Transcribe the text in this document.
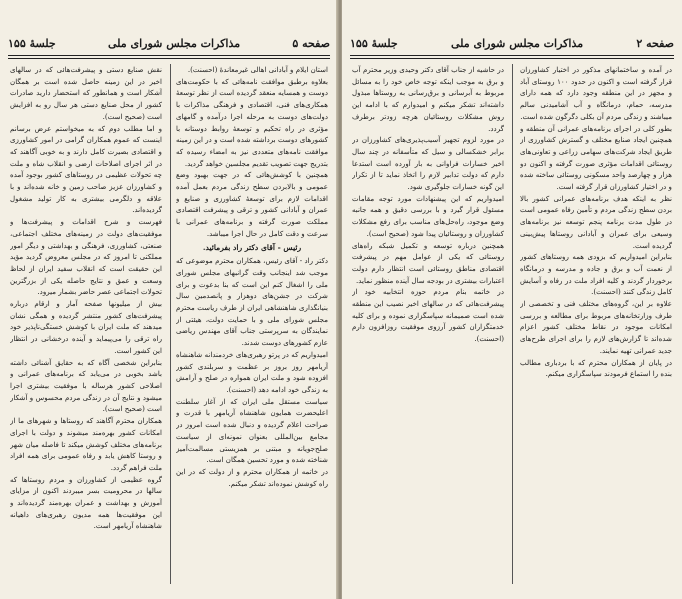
صفحه ۵
مذاکرات مجلس شورای ملی
جلسهٔ ۱۵۵

استان ایلام و آبادانی اهالی غیرمعاندهٔ (احسنت).

بعلاوه برطبق موافقت نامه‌هائی که با حکومت‌های دوست و همسایه منعقد گردیده است از نظر توسعهٔ همکاری‌های فنی، اقتصادی و فرهنگی مذاکرات با دولت‌های دوست به مرحله اجرا درآمده و گامهای مؤثری در راه تحکیم و توسعهٔ روابط دوستانه با کشورهای دوست برداشته شده است و در این زمینه موافقت نامه‌های متعددی نیز به امضاء رسیده که بتدریج جهت تصویب تقدیم مجلسین خواهد گردید.

همچنین با کوشش‌هائی که در جهت بهبود وضع عمومی و بالابردن سطح زندگی مردم بعمل آمده اقدامات لازم برای توسعهٔ کشاورزی و صنایع و عمران و آبادانی کشور و ترقی و پیشرفت اقتصادی مملکت صورت گرفته و برنامه‌های عمرانی با سرعت و دقت کامل در حال اجرا میباشد.

رئیس - آقای دکتر راد بفرمائید.

دکتر راد - آقای رئیس، همکاران محترم موضوعی که موجب شد اینجانب وقت گرانبهای مجلس شورای ملی را اشغال کنم این است که بنا بدعوت و برای شرکت در جشن‌های دوهزار و پانصدمین سال بنیانگذاری شاهنشاهی ایران از طرف ریاست محترم مجلس شورای ملی و با حمایت دولت، هیئتی از نمایندگان به سرپرستی جناب آقای مهندس ریاضی عازم کشورهای دوست شدند.

امیدواریم که در پرتو رهبری‌های خردمندانه شاهنشاه آریامهر روز بروز بر عظمت و سربلندی کشور افزوده شود و ملت ایران همواره در صلح و آرامش به زندگی خود ادامه دهد (احسنت).

سیاست مستقل ملی ایران که از آغاز سلطنت اعلیحضرت همایون شاهنشاه آریامهر با قدرت و صراحت اعلام گردیده و دنبال شده است امروز در مجامع بین‌المللی بعنوان نمونه‌ای از سیاست صلح‌جویانه و مبتنی بر همزیستی مسالمت‌آمیز شناخته شده و مورد تحسین همگان است.

در خاتمه از همکاران محترم و از دولت که در این راه کوشش نموده‌اند تشکر میکنم.

نقش صنایع دستی و پیشرفت‌هائی که در سالهای اخیر در این زمینه حاصل شده است بر همگان آشکار است و همانطور که استحضار دارید صادرات کشور از محل صنایع دستی هر سال رو به افزایش است (صحیح است).

و اما مطلب دوم که به میخواستم عرض برسانم اینست که عموم همکاران گرامی در امور کشاورزی و اقتصادی بصیرت کامل دارند و به خوبی آگاهند که در اثر اجرای اصلاحات ارضی و انقلاب شاه و ملت چه تحولات عظیمی در روستاهای کشور بوجود آمده و کشاورزان عزیز صاحب زمین و خانه شده‌اند و با علاقه و دلگرمی بیشتری به کار تولید مشغول گردیده‌اند.

فهرست و شرح اقدامات و پیشرفت‌ها و موفقیت‌های دولت در زمینه‌های مختلف اجتماعی، صنعتی، کشاورزی، فرهنگی و بهداشتی و دیگر امور مملکتی تا امروز که در مجلس معروض گردید مؤید این حقیقت است که انقلاب سفید ایران از لحاظ وسعت و عمق و نتایج حاصله یکی از بزرگترین تحولات اجتماعی عصر حاضر بشمار میرود.

بیش از میلیونها صفحه آمار و ارقام درباره پیشرفت‌های کشور منتشر گردیده و همگی نشان میدهند که ملت ایران با کوشش خستگی‌ناپذیر خود راه ترقی را می‌پیماید و آینده درخشانی در انتظار این کشور است.

بنابراین شخصی آگاه که به حقایق آشنائی داشته باشد بخوبی در می‌یابد که برنامه‌های عمرانی و اصلاحی کشور هرساله با موفقیت بیشتری اجرا میشود و نتایج آن در زندگی مردم محسوس و آشکار است (صحیح است).

همکاران محترم آگاهند که روستاها و شهرهای ما از امکانات کشور بهره‌مند میشوند و دولت با اجرای برنامه‌های مختلف کوشش میکند تا فاصله میان شهر و روستا کاهش یابد و رفاه عمومی برای همه افراد ملت فراهم گردد.

گروه عظیمی از کشاورزان و مردم روستاها که سالها در محرومیت بسر میبردند اکنون از مزایای آموزش و بهداشت و عمران بهره‌مند گردیده‌اند و این موفقیت‌ها همه مدیون رهبری‌های داهیانه شاهنشاه آریامهر است.

صفحه ۲
مذاکرات مجلس شورای ملی
جلسهٔ ۱۵۵

در آمده و ساختمانهای مذکور در اختیار کشاورزان قرار گرفته است و اکنون در حدود ۱۰۰ روستای آباد و مجهز در این منطقه وجود دارد که همه دارای مدرسه، حمام، درمانگاه و آب آشامیدنی سالم میباشند و زندگی مردم آن بکلی دگرگون شده است.

بطور کلی در اجرای برنامه‌های عمرانی آن منطقه و همچنین ایجاد صنایع مختلف و گسترش کشاورزی از طریق ایجاد شرکت‌های سهامی زراعی و تعاونی‌های روستائی اقدامات مؤثری صورت گرفته و اکنون دو هزار و چهارصد واحد مسکونی روستائی ساخته شده و در اختیار کشاورزان قرار گرفته است.

نظر به اینکه هدف برنامه‌های عمرانی کشور بالا بردن سطح زندگی مردم و تأمین رفاه عمومی است در طول مدت برنامه پنجم توسعه نیز برنامه‌های وسیعی برای عمران و آبادانی روستاها پیش‌بینی گردیده است.

بنابراین امیدواریم که بزودی همه روستاهای کشور از نعمت آب و برق و جاده و مدرسه و درمانگاه برخوردار گردند و کلیه افراد ملت در رفاه و آسایش کامل زندگی کنند (احسنت).

علاوه بر این، گروه‌های مختلف فنی و تخصصی از طرف وزارتخانه‌های مربوط برای مطالعه و بررسی امکانات موجود در نقاط مختلف کشور اعزام شده‌اند تا گزارش‌های لازم را برای اجرای طرح‌های جدید عمرانی تهیه نمایند.

در پایان از همکاران محترم که با بردباری مطالب بنده را استماع فرمودند سپاسگزاری میکنم.

در حاشیه از جناب آقای دکتر وحیدی وزیر محترم آب و برق به موجب اینکه توجه خاص خود را به مسائل مربوط به آبرسانی و برق‌رسانی به روستاها مبذول داشته‌اند تشکر میکنم و امیدوارم که با ادامه این روش مشکلات روستائیان هرچه زودتر برطرف گردد.

در مورد لزوم تجهیز آسیب‌پذیری‌های کشاورزان در برابر خشکسالی و سیل که متأسفانه در چند سال اخیر خسارات فراوانی به بار آورده است استدعا دارم که دولت تدابیر لازم را اتخاذ نماید تا از تکرار این گونه خسارات جلوگیری شود.

امیدواریم که این پیشنهادات مورد توجه مقامات مسئول قرار گیرد و با بررسی دقیق و همه جانبه وضع موجود، راه‌حل‌های مناسب برای رفع مشکلات کشاورزان و روستائیان پیدا شود (صحیح است).

همچنین درباره توسعه و تکمیل شبکه راه‌های روستائی که یکی از عوامل مهم در پیشرفت اقتصادی مناطق روستائی است انتظار دارم دولت اعتبارات بیشتری در بودجه سال آینده منظور نماید.

در خاتمه بنام مردم حوزه انتخابیه خود از پیشرفت‌هائی که در سالهای اخیر نصیب این منطقه شده است صمیمانه سپاسگزاری نموده و برای کلیه خدمتگزاران کشور آرزوی موفقیت روزافزون دارم (احسنت).
